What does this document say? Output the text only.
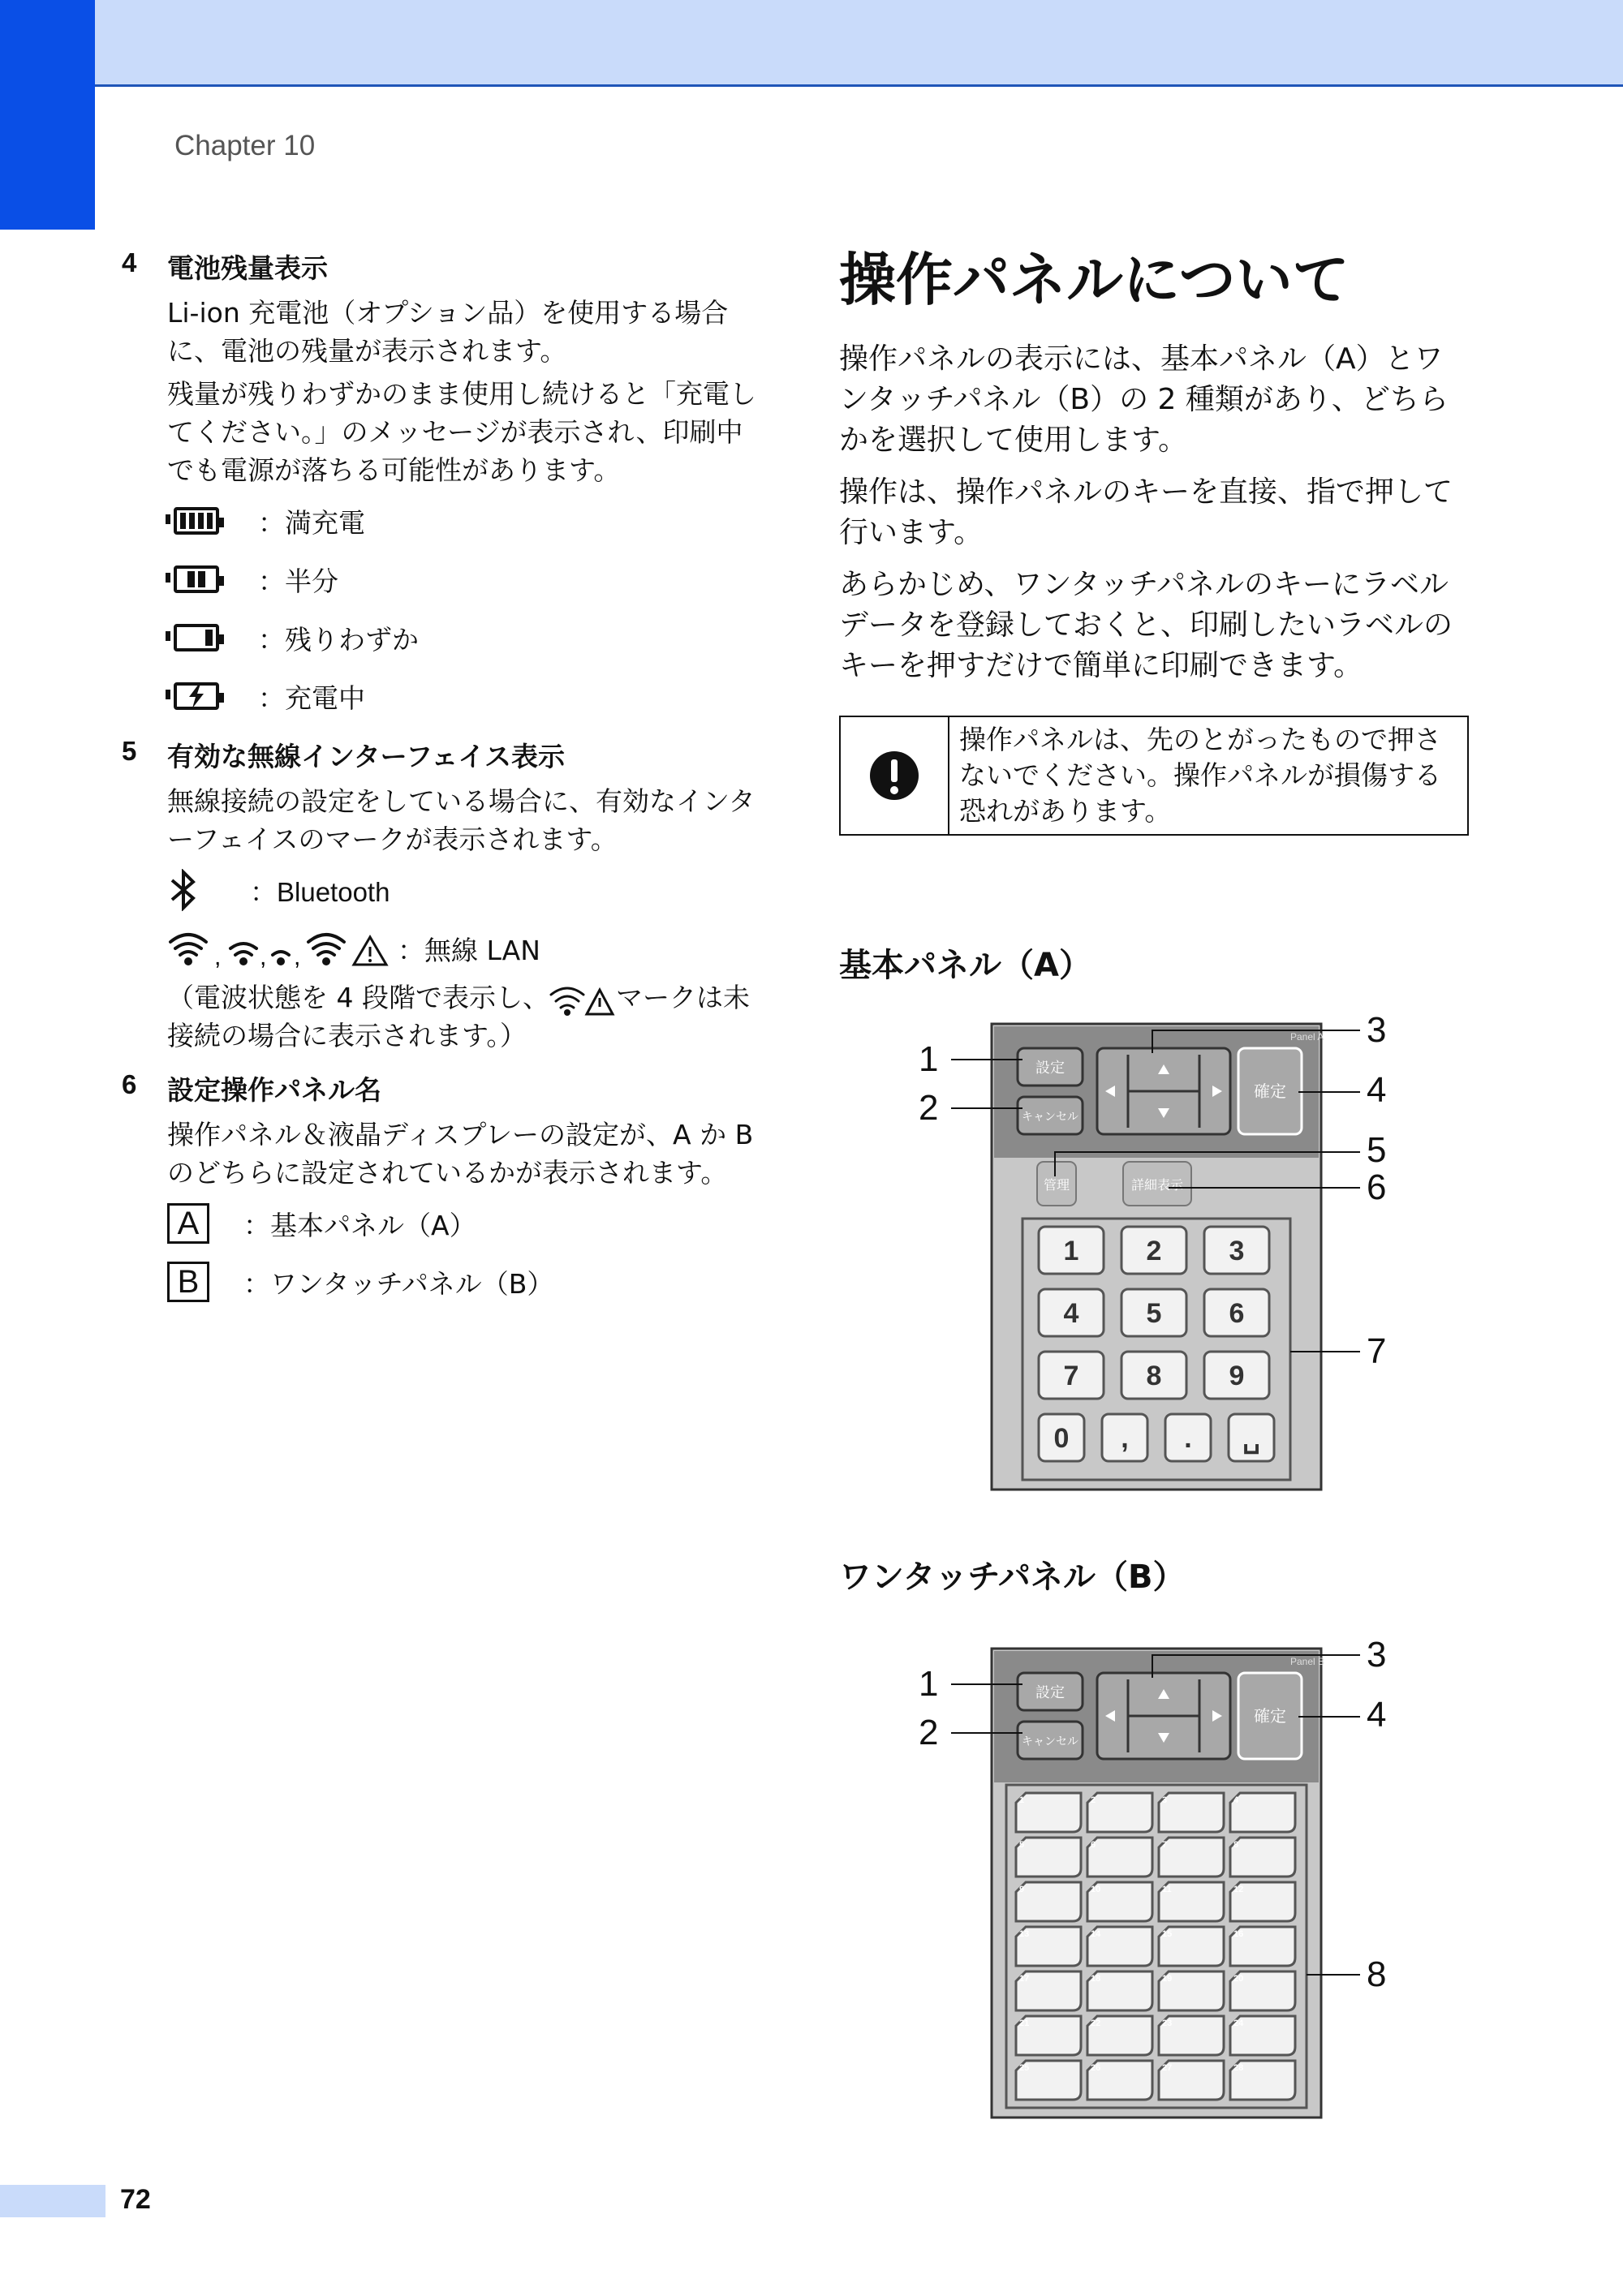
Chapter 10
4 電池残量表示
Li-ion 充電池（オプション品）を使用する場合に、電池の残量が表示されます。
残量が残りわずかのまま使用し続けると「充電してください。」のメッセージが表示され、印刷中でも電源が落ちる可能性があります。
：満充電
：半分
：残りわずか
：充電中
5 有効な無線インターフェイス表示
無線接続の設定をしている場合に、有効なインターフェイスのマークが表示されます。
：Bluetooth
, , ,	：無線 LAN
（電波状態を 4 段階で表示し、 マークは未接続の場合に表示されます。）
6 設定操作パネル名
操作パネル＆液晶ディスプレーの設定が、A か B のどちらに設定されているかが表示されます。
A	：基本パネル（A）
B	：ワンタッチパネル（B）
操作パネルについて
操作パネルの表示には、基本パネル（A）とワンタッチパネル（B）の 2 種類があり、どちらかを選択して使用します。
操作は、操作パネルのキーを直接、指で押して行います。
あらかじめ、ワンタッチパネルのキーにラベルデータを登録しておくと、印刷したいラベルのキーを押すだけで簡単に印刷できます。
操作パネルは、先のとがったもので押さないでください。操作パネルが損傷する恐れがあります。
基本パネル（A）
ワンタッチパネル（B）
Panel A
設定
キャンセル
確定
管理	詳細表示
1 2 3
4 5 6
7 8 9
0 , . ␣
1
2
3
4
5
6
7
Panel B
設定
キャンセル
確定
1	2	3	4
5	6	7	8
9	10	11	12
13	14	15	16
17	18	19	20
21	22	23	24
25	26	27	28
1
2
3
4
8
72
